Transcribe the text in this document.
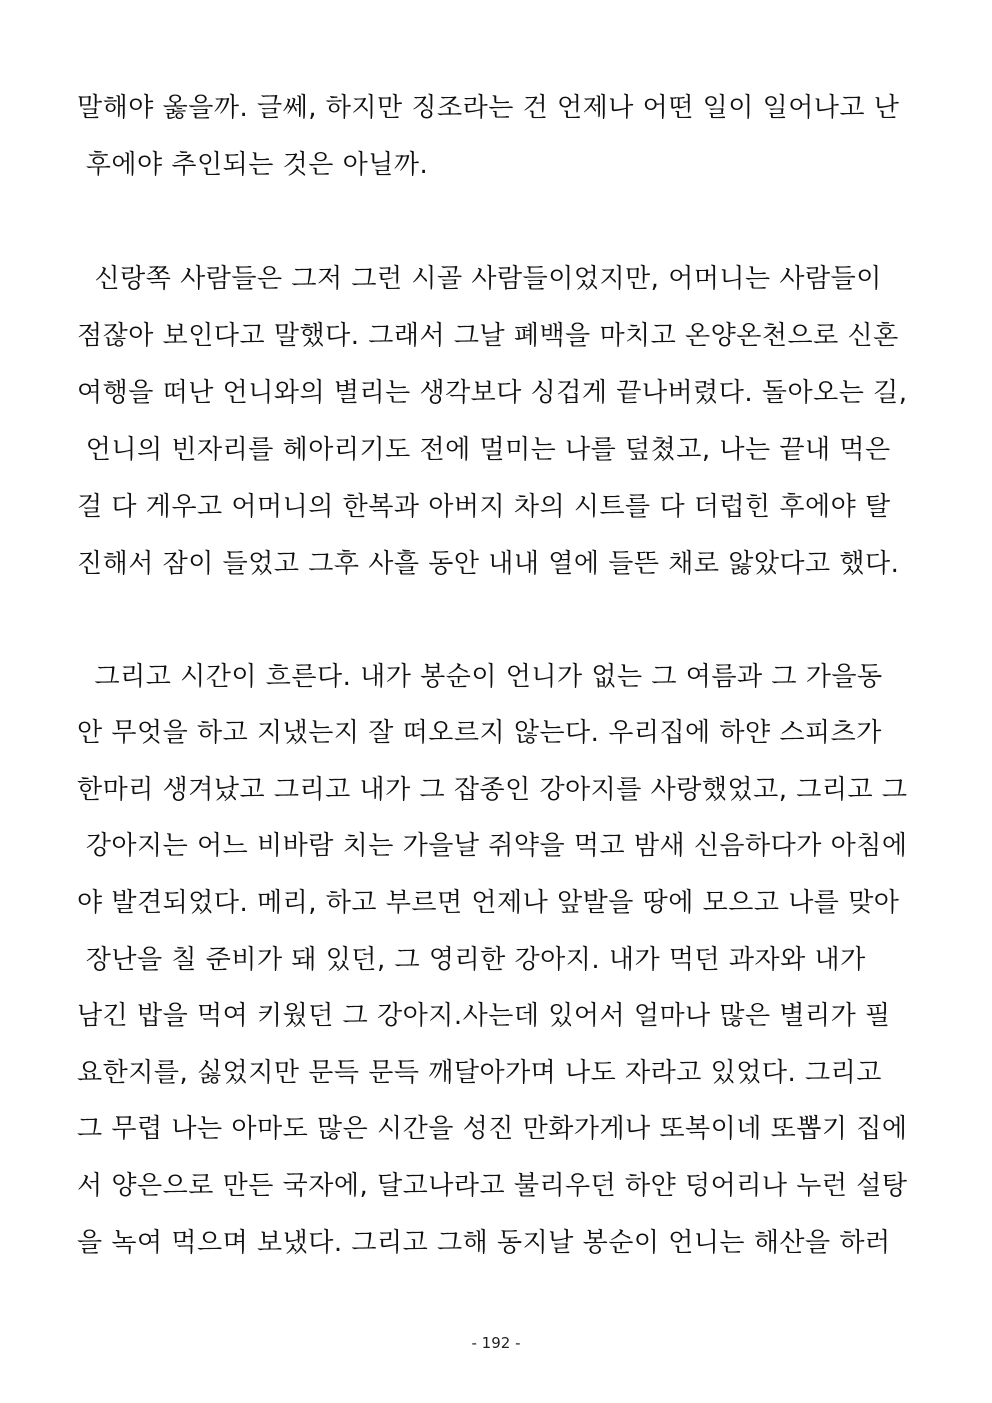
말해야 옳을까. 글쎄, 하지만 징조라는 건 언제나 어떤 일이 일어나고 난
후에야 추인되는 것은 아닐까.
신랑쪽 사람들은 그저 그런 시골 사람들이었지만, 어머니는 사람들이
점잖아 보인다고 말했다. 그래서 그날 폐백을 마치고 온양온천으로 신혼
여행을 떠난 언니와의 별리는 생각보다 싱겁게 끝나버렸다. 돌아오는 길,
언니의 빈자리를 헤아리기도 전에 멀미는 나를 덮쳤고, 나는 끝내 먹은
걸 다 게우고 어머니의 한복과 아버지 차의 시트를 다 더럽힌 후에야 탈
진해서 잠이 들었고 그후 사흘 동안 내내 열에 들뜬 채로 앓았다고 했다.
그리고 시간이 흐른다. 내가 봉순이 언니가 없는 그 여름과 그 가을동
안 무엇을 하고 지냈는지 잘 떠오르지 않는다. 우리집에 하얀 스피츠가
한마리 생겨났고 그리고 내가 그 잡종인 강아지를 사랑했었고, 그리고 그
강아지는 어느 비바람 치는 가을날 쥐약을 먹고 밤새 신음하다가 아침에
야 발견되었다. 메리, 하고 부르면 언제나 앞발을 땅에 모으고 나를 맞아
장난을 칠 준비가 돼 있던, 그 영리한 강아지. 내가 먹던 과자와 내가
남긴 밥을 먹여 키웠던 그 강아지.사는데 있어서 얼마나 많은 별리가 필
요한지를, 싫었지만 문득 문득 깨달아가며 나도 자라고 있었다. 그리고
그 무렵 나는 아마도 많은 시간을 성진 만화가게나 또복이네 또뽑기 집에
서 양은으로 만든 국자에, 달고나라고 불리우던 하얀 덩어리나 누런 설탕
을 녹여 먹으며 보냈다. 그리고 그해 동지날 봉순이 언니는 해산을 하러
- 192 -
